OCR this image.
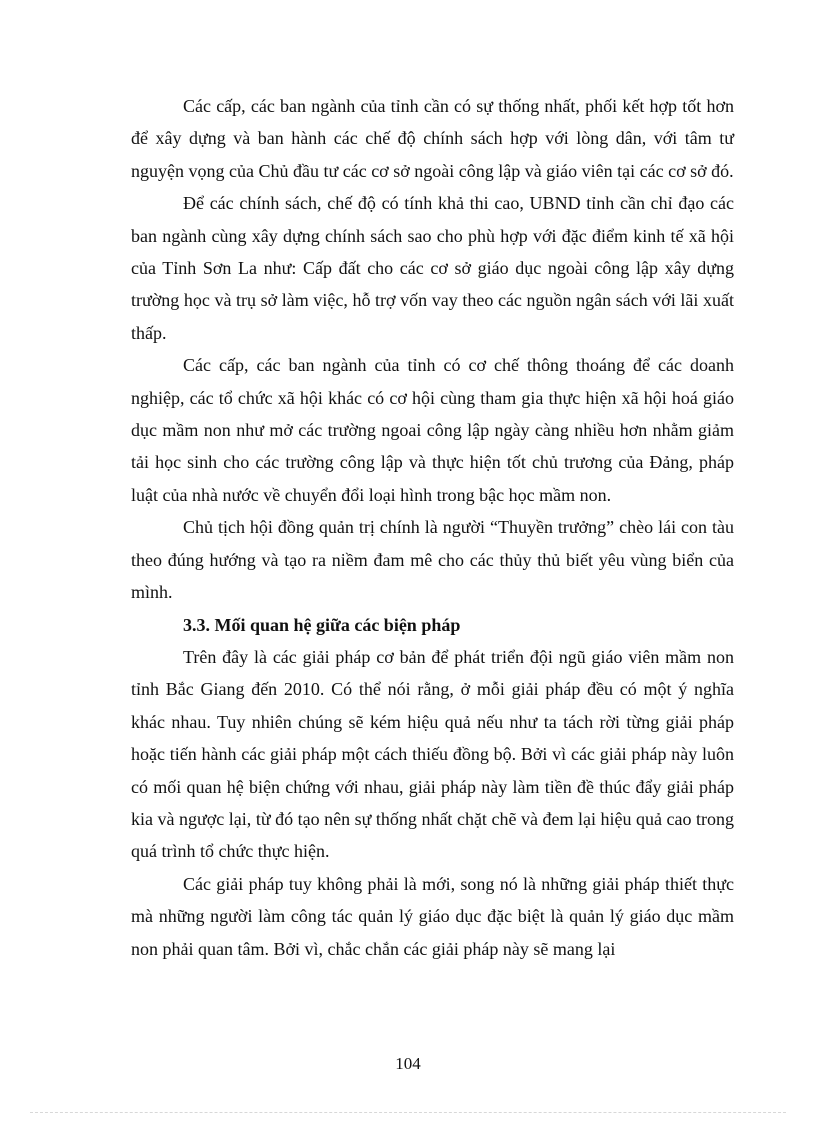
Các cấp, các ban ngành của tỉnh cần có sự thống nhất, phối kết hợp tốt hơn để xây dựng và ban hành các chế độ chính sách hợp với lòng dân, với tâm tư nguyện vọng của Chủ đầu tư các cơ sở ngoài công lập và giáo viên tại các cơ sở đó.

Để các chính sách, chế độ có tính khả thi cao, UBND tỉnh cần chỉ đạo các ban ngành cùng xây dựng chính sách sao cho phù hợp với đặc điểm kinh tế xã hội của Tỉnh Sơn La như: Cấp đất cho các cơ sở giáo dục ngoài công lập xây dựng trường học và trụ sở làm việc, hỗ trợ vốn vay theo các nguồn ngân sách với lãi xuất thấp.

Các cấp, các ban ngành của tỉnh có cơ chế thông thoáng để các doanh nghiệp, các tổ chức xã hội khác có cơ hội cùng tham gia thực hiện xã hội hoá giáo dục mầm non như mở các trường ngoai công lập ngày càng nhiều hơn nhằm giảm tải học sinh cho các trường công lập và thực hiện tốt chủ trương của Đảng, pháp luật của nhà nước về chuyển đổi loại hình trong bậc học mầm non.

Chủ tịch hội đồng quản trị chính là người “Thuyền trưởng” chèo lái con tàu theo đúng hướng và tạo ra niềm đam mê cho các thủy thủ biết yêu vùng biển của mình.

3.3. Mối quan hệ giữa các biện pháp

Trên đây là các giải pháp cơ bản để phát triển đội ngũ giáo viên mầm non tỉnh Bắc Giang đến 2010. Có thể nói rằng, ở mỗi giải pháp đều có một ý nghĩa khác nhau. Tuy nhiên chúng sẽ kém hiệu quả nếu như ta tách rời từng giải pháp hoặc tiến hành các giải pháp một cách thiếu đồng bộ. Bởi vì các giải pháp này luôn có mối quan hệ biện chứng với nhau, giải pháp này làm tiền đề thúc đẩy giải pháp kia và ngược lại, từ đó tạo nên sự thống nhất chặt chẽ và đem lại hiệu quả cao trong quá trình tổ chức thực hiện.

Các giải pháp tuy không phải là mới, song nó là những giải pháp thiết thực mà những người làm công tác quản lý giáo dục đặc biệt là quản lý giáo dục mầm non phải quan tâm. Bởi vì, chắc chắn các giải pháp này sẽ mang lại

104
